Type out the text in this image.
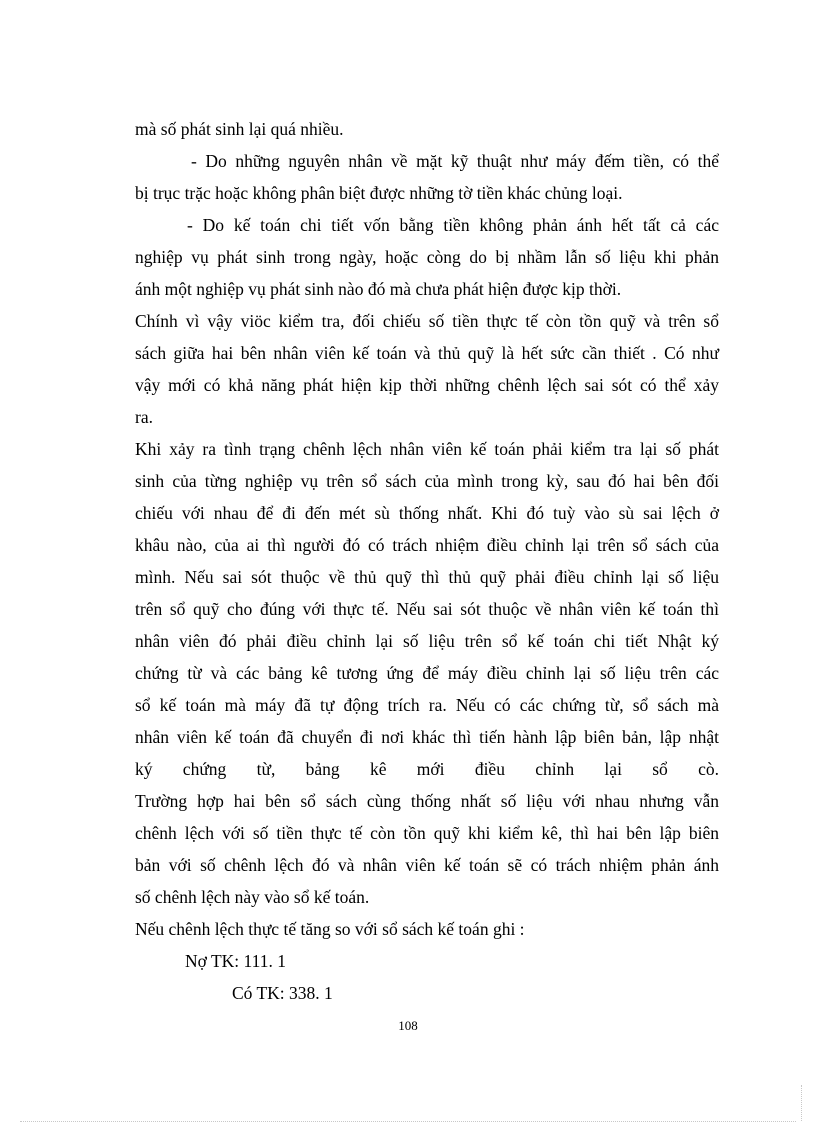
mà số phát sinh lại quá nhiều.
- Do những nguyên nhân về mặt kỹ thuật như máy đếm tiền, có thể
bị trục trặc hoặc không phân biệt được những tờ tiền khác chủng loại.
- Do kế toán chi tiết vốn bằng tiền không phản ánh hết tất cả các
nghiệp vụ phát sinh trong ngày, hoặc còng do bị nhầm lẫn số liệu khi phản
ánh một nghiệp vụ phát sinh nào đó mà chưa phát hiện được kịp thời.
Chính vì vậy viöc kiểm tra, đối chiếu số tiền thực tế còn tồn quỹ và trên sổ
sách giữa hai bên nhân viên kế toán và thủ quỹ là hết sức cần thiết . Có như
vậy mới có khả năng phát hiện kịp thời những chênh lệch sai sót có thể xảy
ra.
Khi xảy ra tình trạng chênh lệch nhân viên kế toán phải kiểm tra lại số phát
sinh của từng nghiệp vụ trên sổ sách của mình trong kỳ, sau đó hai bên đối
chiếu với nhau để đi đến mét sù thống nhất. Khi đó tuỳ vào sù sai lệch ở
khâu nào, của ai thì người đó có trách nhiệm điều chỉnh lại trên sổ sách của
mình. Nếu sai sót thuộc về thủ quỹ thì thủ quỹ phải điều chỉnh lại số liệu
trên sổ quỹ cho đúng với thực tế. Nếu sai sót thuộc về nhân viên kế toán thì
nhân viên đó phải điều chỉnh lại số liệu trên sổ kế toán chi tiết Nhật ký
chứng từ và các bảng kê tương ứng để máy điều chỉnh lại số liệu trên các
sổ kế toán mà máy đã tự động trích ra. Nếu có các chứng từ, sổ sách mà
nhân viên kế toán đã chuyển đi nơi khác thì tiến hành lập biên bản, lập nhật
ký chứng từ, bảng kê mới điều chỉnh lại sổ cò.
Trường hợp hai bên sổ sách cùng thống nhất số liệu với nhau nhưng vẫn
chênh lệch với số tiền thực tế còn tồn quỹ khi kiểm kê, thì hai bên lập biên
bản với số chênh lệch đó và nhân viên kế toán sẽ có trách nhiệm phản ánh
số chênh lệch này vào sổ kế toán.
Nếu chênh lệch thực tế tăng so với sổ sách kế toán ghi :
Nợ TK: 111. 1
Có TK: 338. 1
108
